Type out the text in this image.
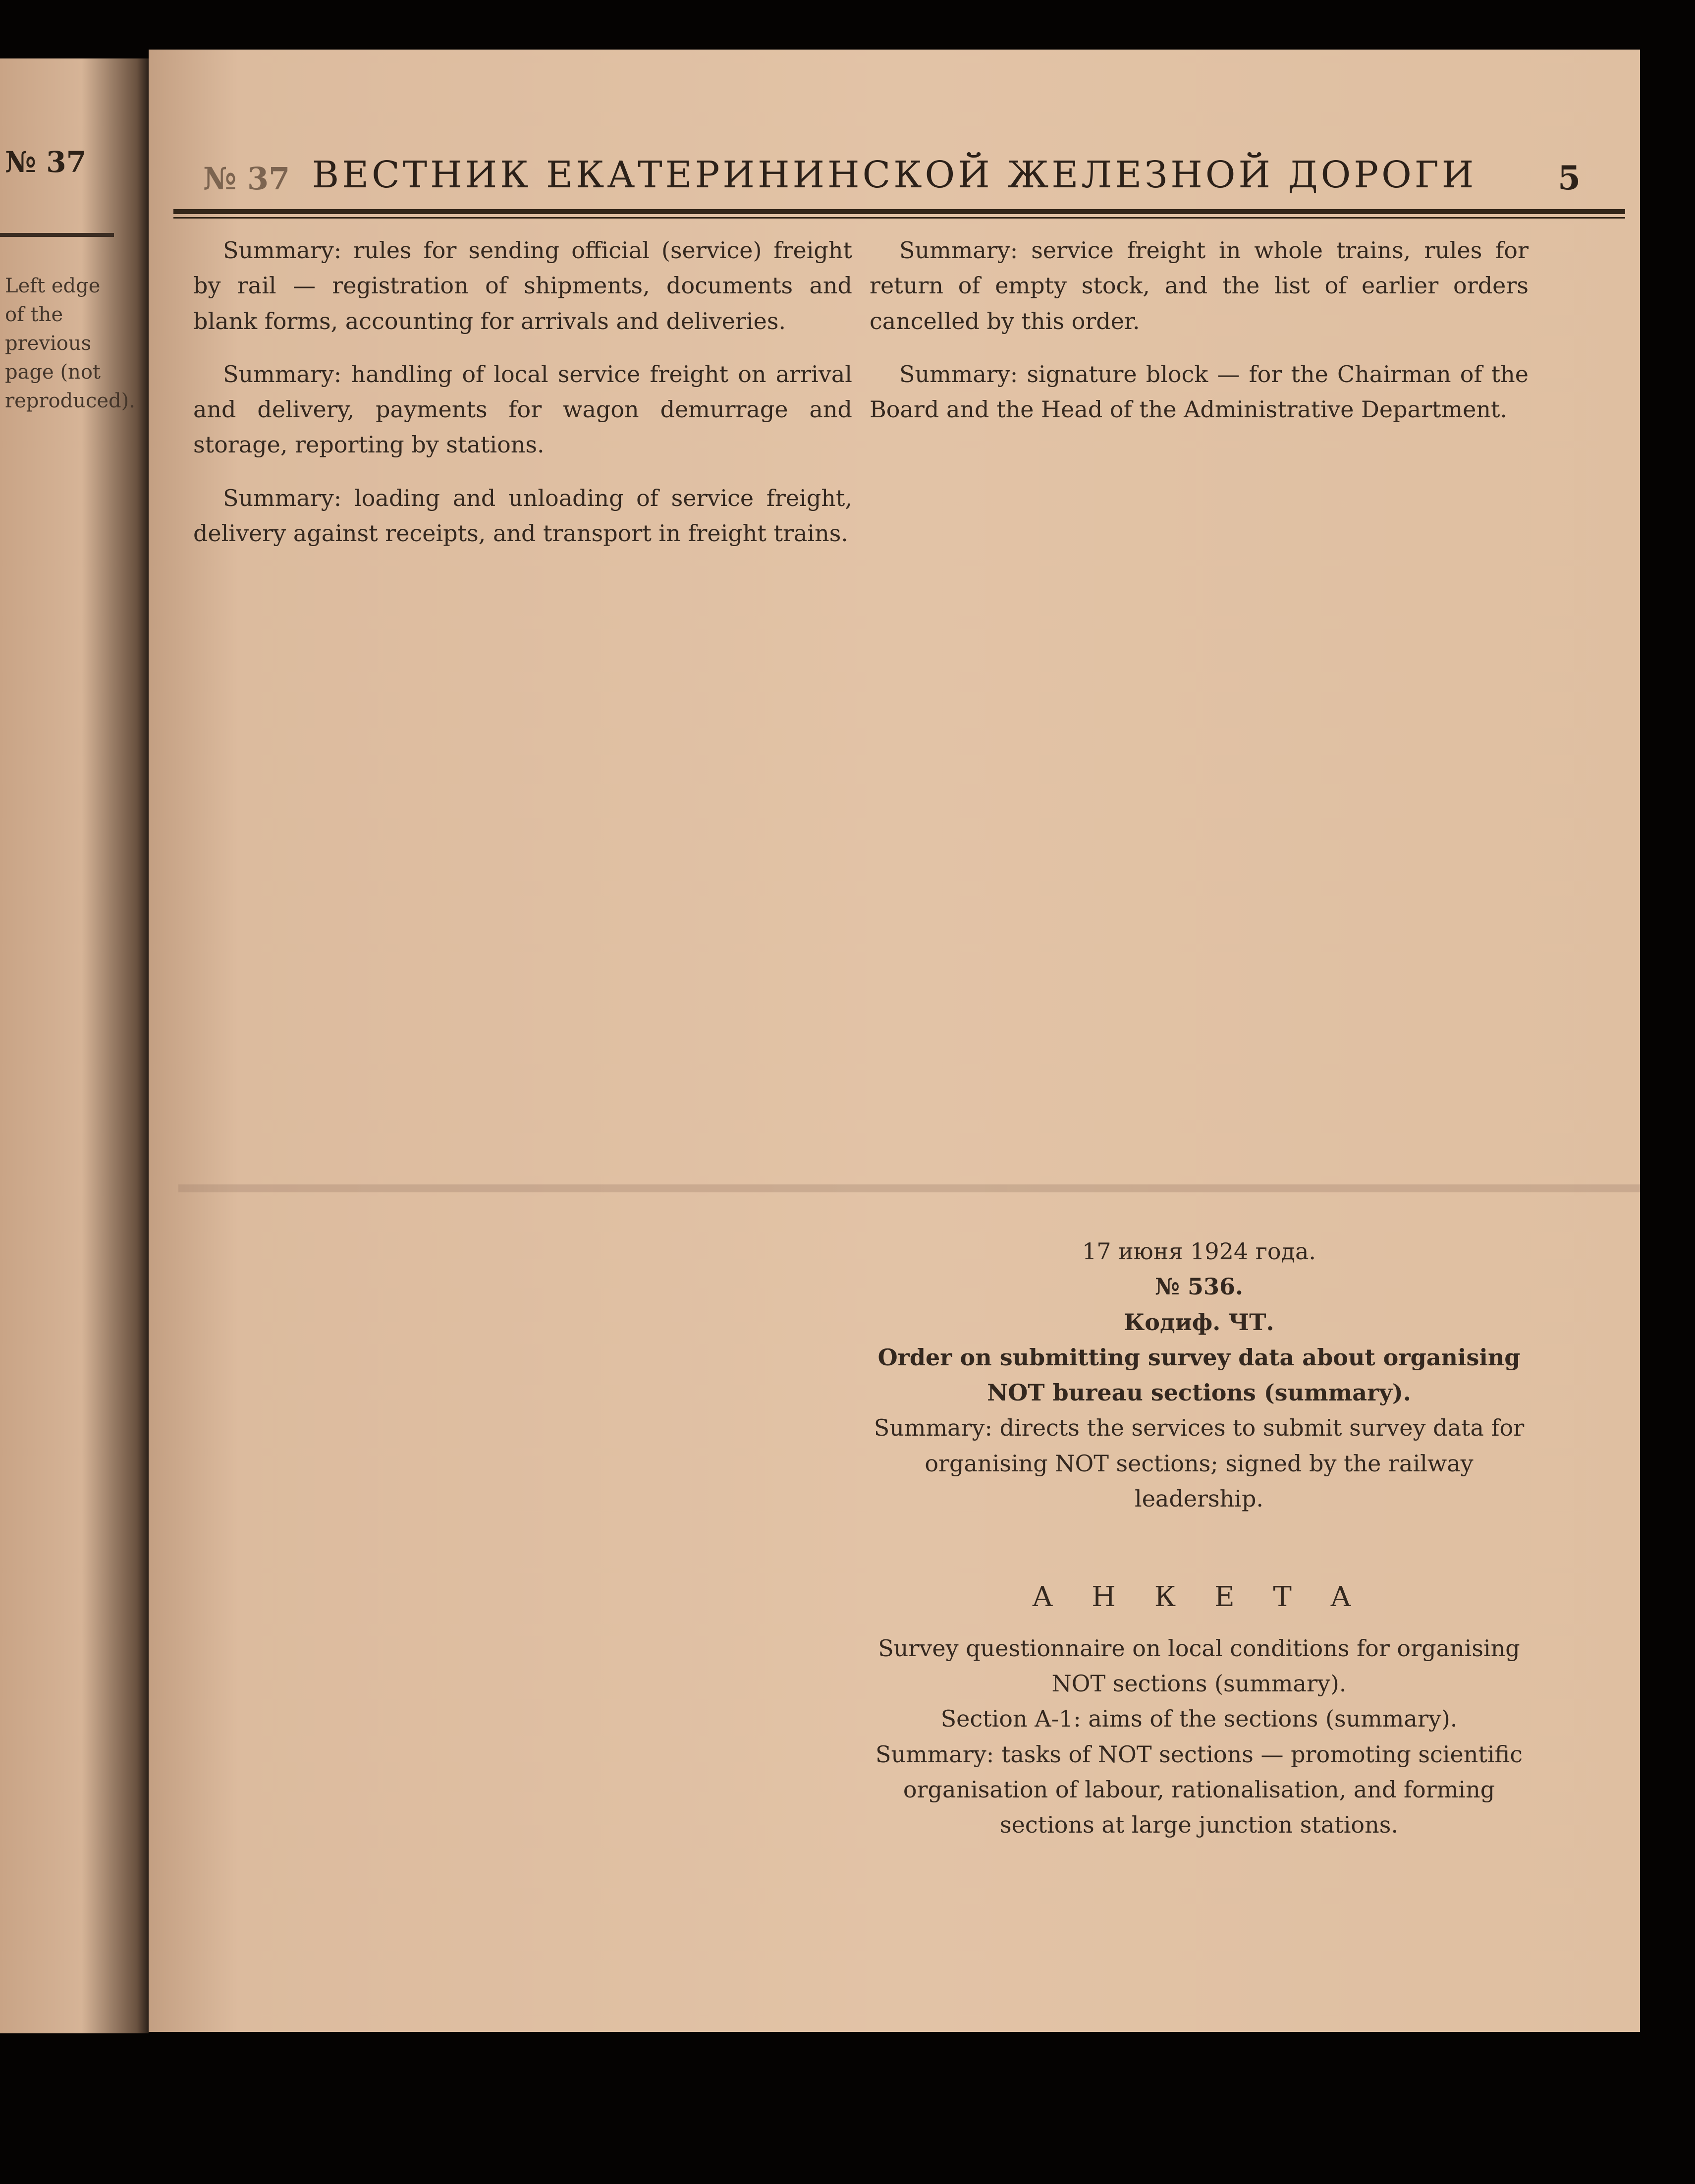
№ 37
Left edge of the previous page (not reproduced).
№ 37 ВЕСТНИК ЕКАТЕРИНИНСКОЙ ЖЕЛЕЗНОЙ ДОРОГИ	5

Summary: rules for sending official (service) freight by rail — registration of shipments, documents and blank forms, accounting for arrivals and deliveries.

Summary: handling of local service freight on arrival and delivery, payments for wagon demurrage and storage, reporting by stations.

Summary: loading and unloading of service freight, delivery against receipts, and transport in freight trains.

Summary: service freight in whole trains, rules for return of empty stock, and the list of earlier orders cancelled by this order.

Summary: signature block — for the Chairman of the Board and the Head of the Administrative Department.

17 июня 1924 года.
№ 536.
Кодиф. ЧТ.
Order on submitting survey data about organising NOT bureau sections (summary).
Summary: directs the services to submit survey data for organising NOT sections; signed by the railway leadership.
А Н К Е Т А
Survey questionnaire on local conditions for organising NOT sections (summary).
Section A-1: aims of the sections (summary).
Summary: tasks of NOT sections — promoting scientific organisation of labour, rationalisation, and forming sections at large junction stations.
